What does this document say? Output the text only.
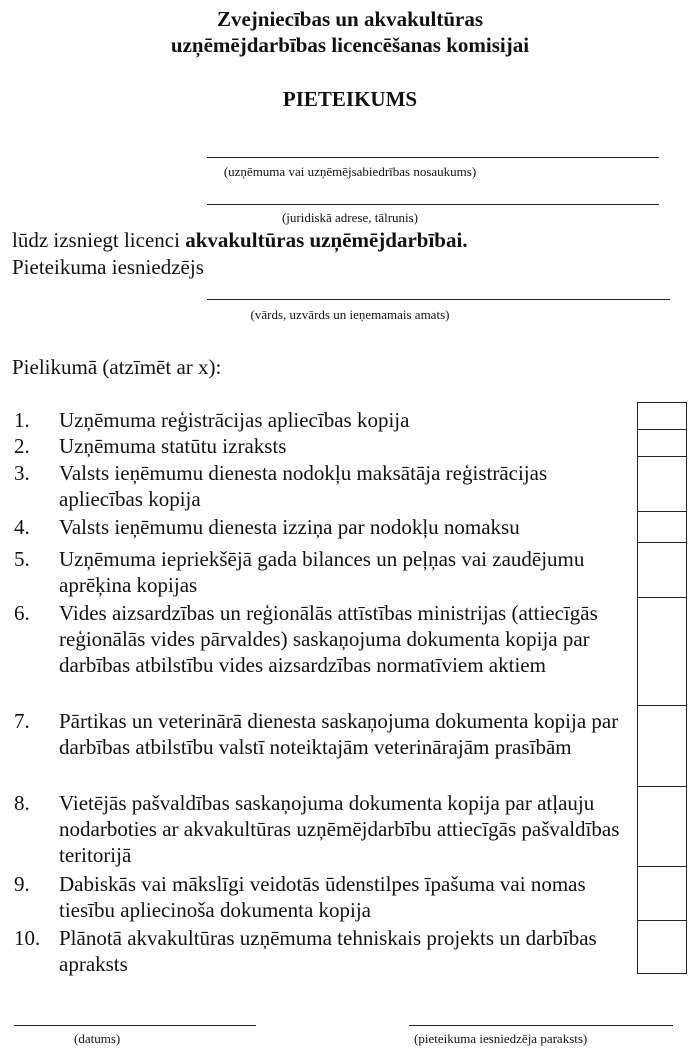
Zvejniecības un akvakultūras
uzņēmējdarbības licencēšanas komisijai
PIETEIKUMS
(uzņēmuma vai uzņēmējsabiedrības nosaukums)
(juridiskā adrese, tālrunis)
lūdz izsniegt licenci akvakultūras uzņēmējdarbībai.
Pieteikuma iesniedzējs
(vārds, uzvārds un ieņemamais amats)
Pielikumā (atzīmēt ar x):
1. Uzņēmuma reģistrācijas apliecības kopija
2. Uzņēmuma statūtu izraksts
3. Valsts ieņēmumu dienesta nodokļu maksātāja reģistrācijas apliecības kopija
4. Valsts ieņēmumu dienesta izziņa par nodokļu nomaksu
5. Uzņēmuma iepriekšējā gada bilances un peļņas vai zaudējumu aprēķina kopijas
6. Vides aizsardzības un reģionālās attīstības ministrijas (attiecīgās reģionālās vides pārvaldes) saskaņojuma dokumenta kopija par darbības atbilstību vides aizsardzības normatīviem aktiem
7. Pārtikas un veterinārā dienesta saskaņojuma dokumenta kopija par darbības atbilstību valstī noteiktajām veterinārajām prasībām
8. Vietējās pašvaldības saskaņojuma dokumenta kopija par atļauju nodarboties ar akvakultūras uzņēmējdarbību attiecīgās pašvaldības teritorijā
9. Dabiskās vai mākslīgi veidotās ūdenstilpes īpašuma vai nomas tiesību apliecinoša dokumenta kopija
10. Plānotā akvakultūras uzņēmuma tehniskais projekts un darbības apraksts
(datums)	(pieteikuma iesniedzēja paraksts)
